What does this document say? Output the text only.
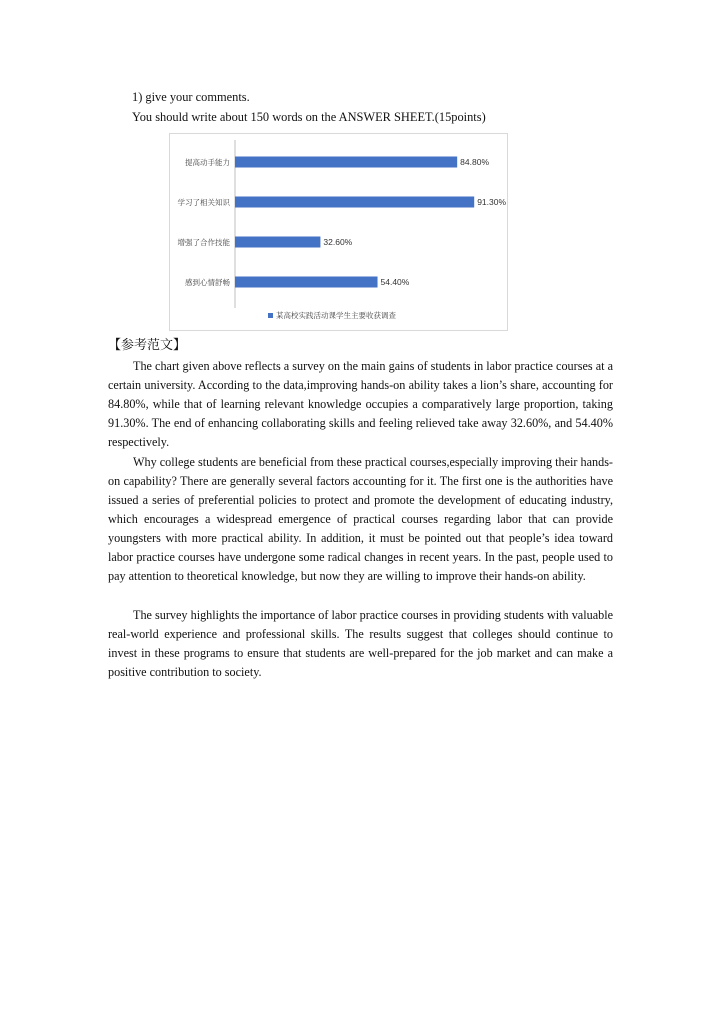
1) give your comments.
You should write about 150 words on the ANSWER SHEET.(15points)
提高动手能力	84.80%
学习了相关知识	91.30%
增强了合作技能	32.60%
感到心情舒畅	54.40%
某高校实践活动课学生主要收获调查
【参考范文】
The chart given above reflects a survey on the main gains of students in labor practice courses at a certain university. According to the data,improving hands-on ability takes a lion’s share, accounting for 84.80%, while that of learning relevant knowledge occupies a comparatively large proportion, taking 91.30%. The end of enhancing collaborating skills and feeling relieved take away 32.60%, and 54.40% respectively.
Why college students are beneficial from these practical courses,especially improving their hands-on capability? There are generally several factors accounting for it. The first one is the authorities have issued a series of preferential policies to protect and promote the development of educating industry, which encourages a widespread emergence of practical courses regarding labor that can provide youngsters with more practical ability. In addition, it must be pointed out that people’s idea toward labor practice courses have undergone some radical changes in recent years. In the past, people used to pay attention to theoretical knowledge, but now they are willing to improve their hands-on ability.
The survey highlights the importance of labor practice courses in providing students with valuable real-world experience and professional skills. The results suggest that colleges should continue to invest in these programs to ensure that students are well-prepared for the job market and can make a positive contribution to society.
